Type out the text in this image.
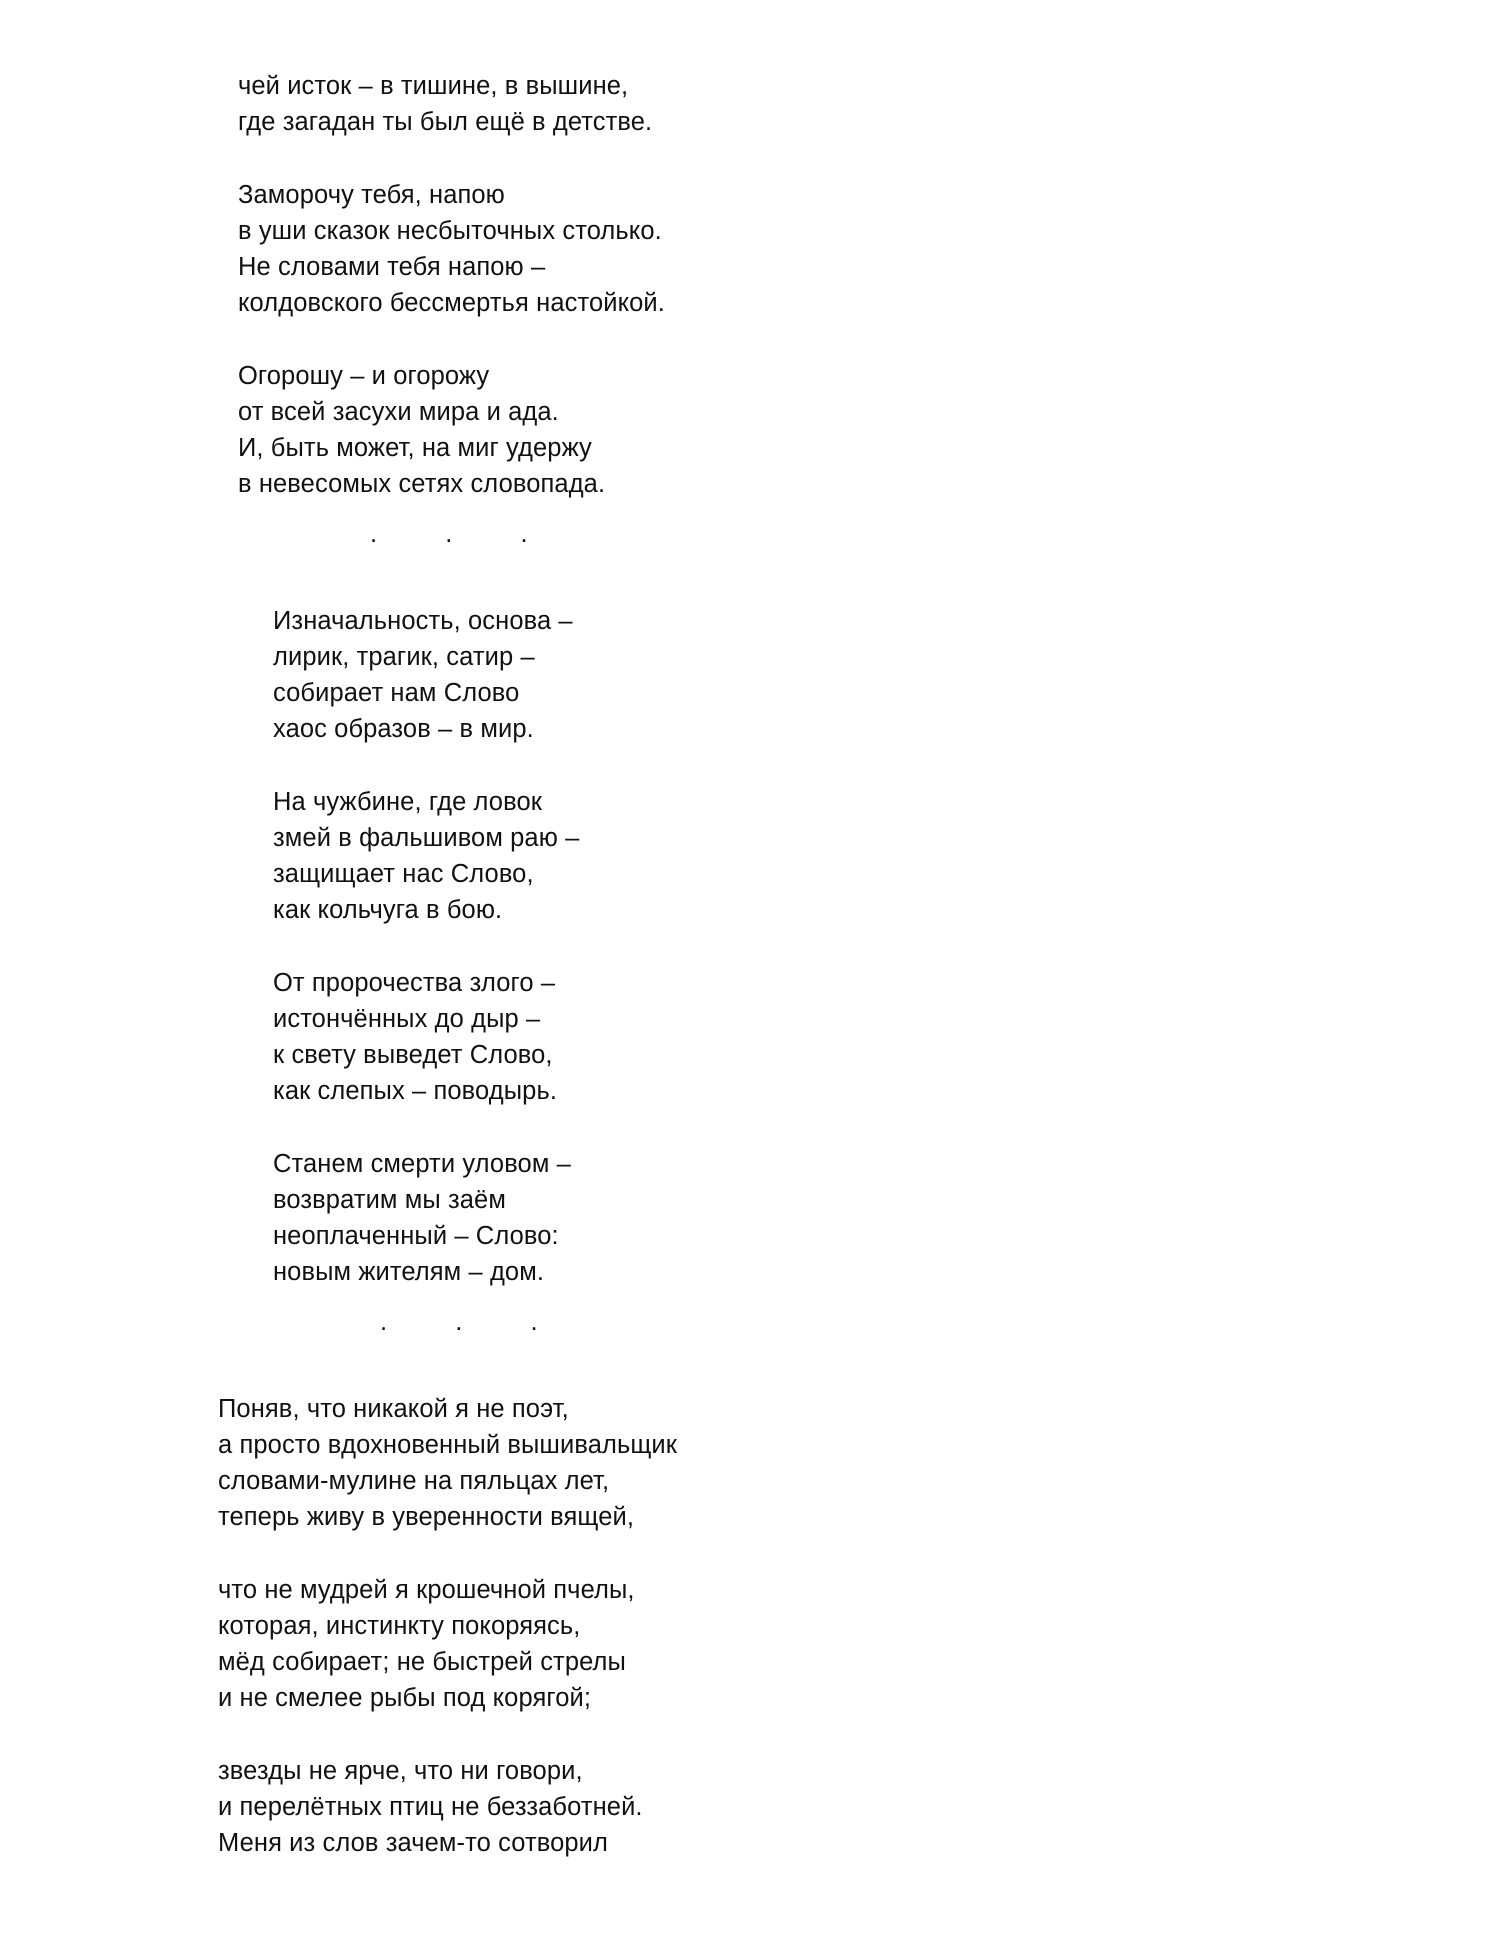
чей исток – в тишине, в вышине,
где загадан ты был ещё в детстве.
Заморочу тебя, напою
в уши сказок несбыточных столько.
Не словами тебя напою –
колдовского бессмертья настойкой.
Огорошу – и огорожу
от всей засухи мира и ада.
И, быть может, на миг удержу
в невесомых сетях словопада.
.  .  .
Изначальность, основа –
лирик, трагик, сатир –
собирает нам Слово
хаос образов – в мир.
На чужбине, где ловок
змей в фальшивом раю –
защищает нас Слово,
как кольчуга в бою.
От пророчества злого –
истончённых до дыр –
к свету выведет Слово,
как слепых – поводырь.
Станем смерти уловом –
возвратим мы заём
неоплаченный – Слово:
новым жителям – дом.
.  .  .
Поняв, что никакой я не поэт,
а просто вдохновенный вышивальщик
словами-мулине на пяльцах лет,
теперь живу в уверенности вящей,
что не мудрей я крошечной пчелы,
которая, инстинкту покоряясь,
мёд собирает; не быстрей стрелы
и не смелее рыбы под корягой;
звезды не ярче, что ни говори,
и перелётных птиц не беззаботней.
Меня из слов зачем-то сотворил
